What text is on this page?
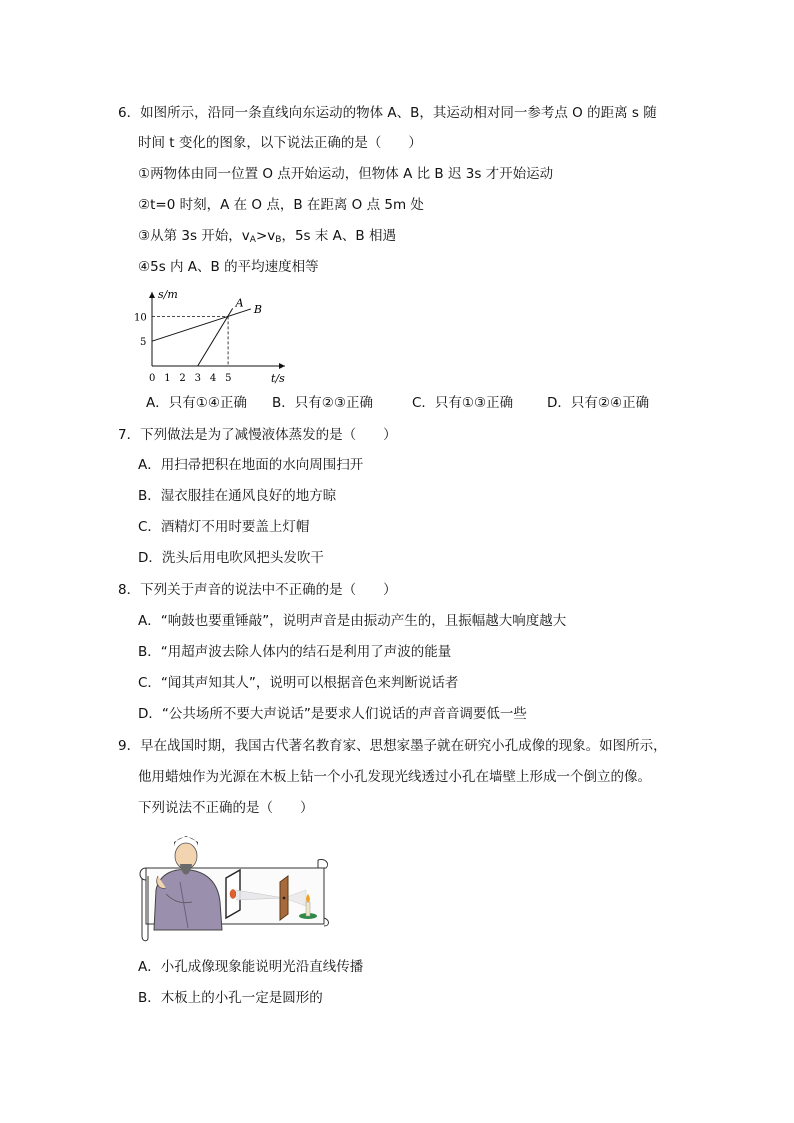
6．如图所示，沿同一条直线向东运动的物体 A、B，其运动相对同一参考点 O 的距离 s 随
时间 t 变化的图象，以下说法正确的是（　　）
①两物体由同一位置 O 点开始运动，但物体 A 比 B 迟 3s 才开始运动
②t=0 时刻，A 在 O 点，B 在距离 O 点 5m 处
③从第 3s 开始，$v_A>v_B$，5s 末 A、B 相遇
④5s 内 A、B 的平均速度相等
s/m
t/s
0 1 2 3 4 5
5
10
A B
A．只有①④正确 B．只有②③正确	C．只有①③正确	D．只有②④正确
7．下列做法是为了减慢液体蒸发的是（　　）
A．用扫帚把积在地面的水向周围扫开
B．湿衣服挂在通风良好的地方晾
C．酒精灯不用时要盖上灯帽
D．洗头后用电吹风把头发吹干
8．下列关于声音的说法中不正确的是（　　）
A．“响鼓也要重锤敲”，说明声音是由振动产生的，且振幅越大响度越大
B．“用超声波去除人体内的结石是利用了声波的能量
C．“闻其声知其人”，说明可以根据音色来判断说话者
D．“公共场所不要大声说话”是要求人们说话的声音音调要低一些
9．早在战国时期，我国古代著名教育家、思想家墨子就在研究小孔成像的现象。如图所示，
他用蜡烛作为光源在木板上钻一个小孔发现光线透过小孔在墙壁上形成一个倒立的像。
下列说法不正确的是（　　）
A．小孔成像现象能说明光沿直线传播
B．木板上的小孔一定是圆形的
